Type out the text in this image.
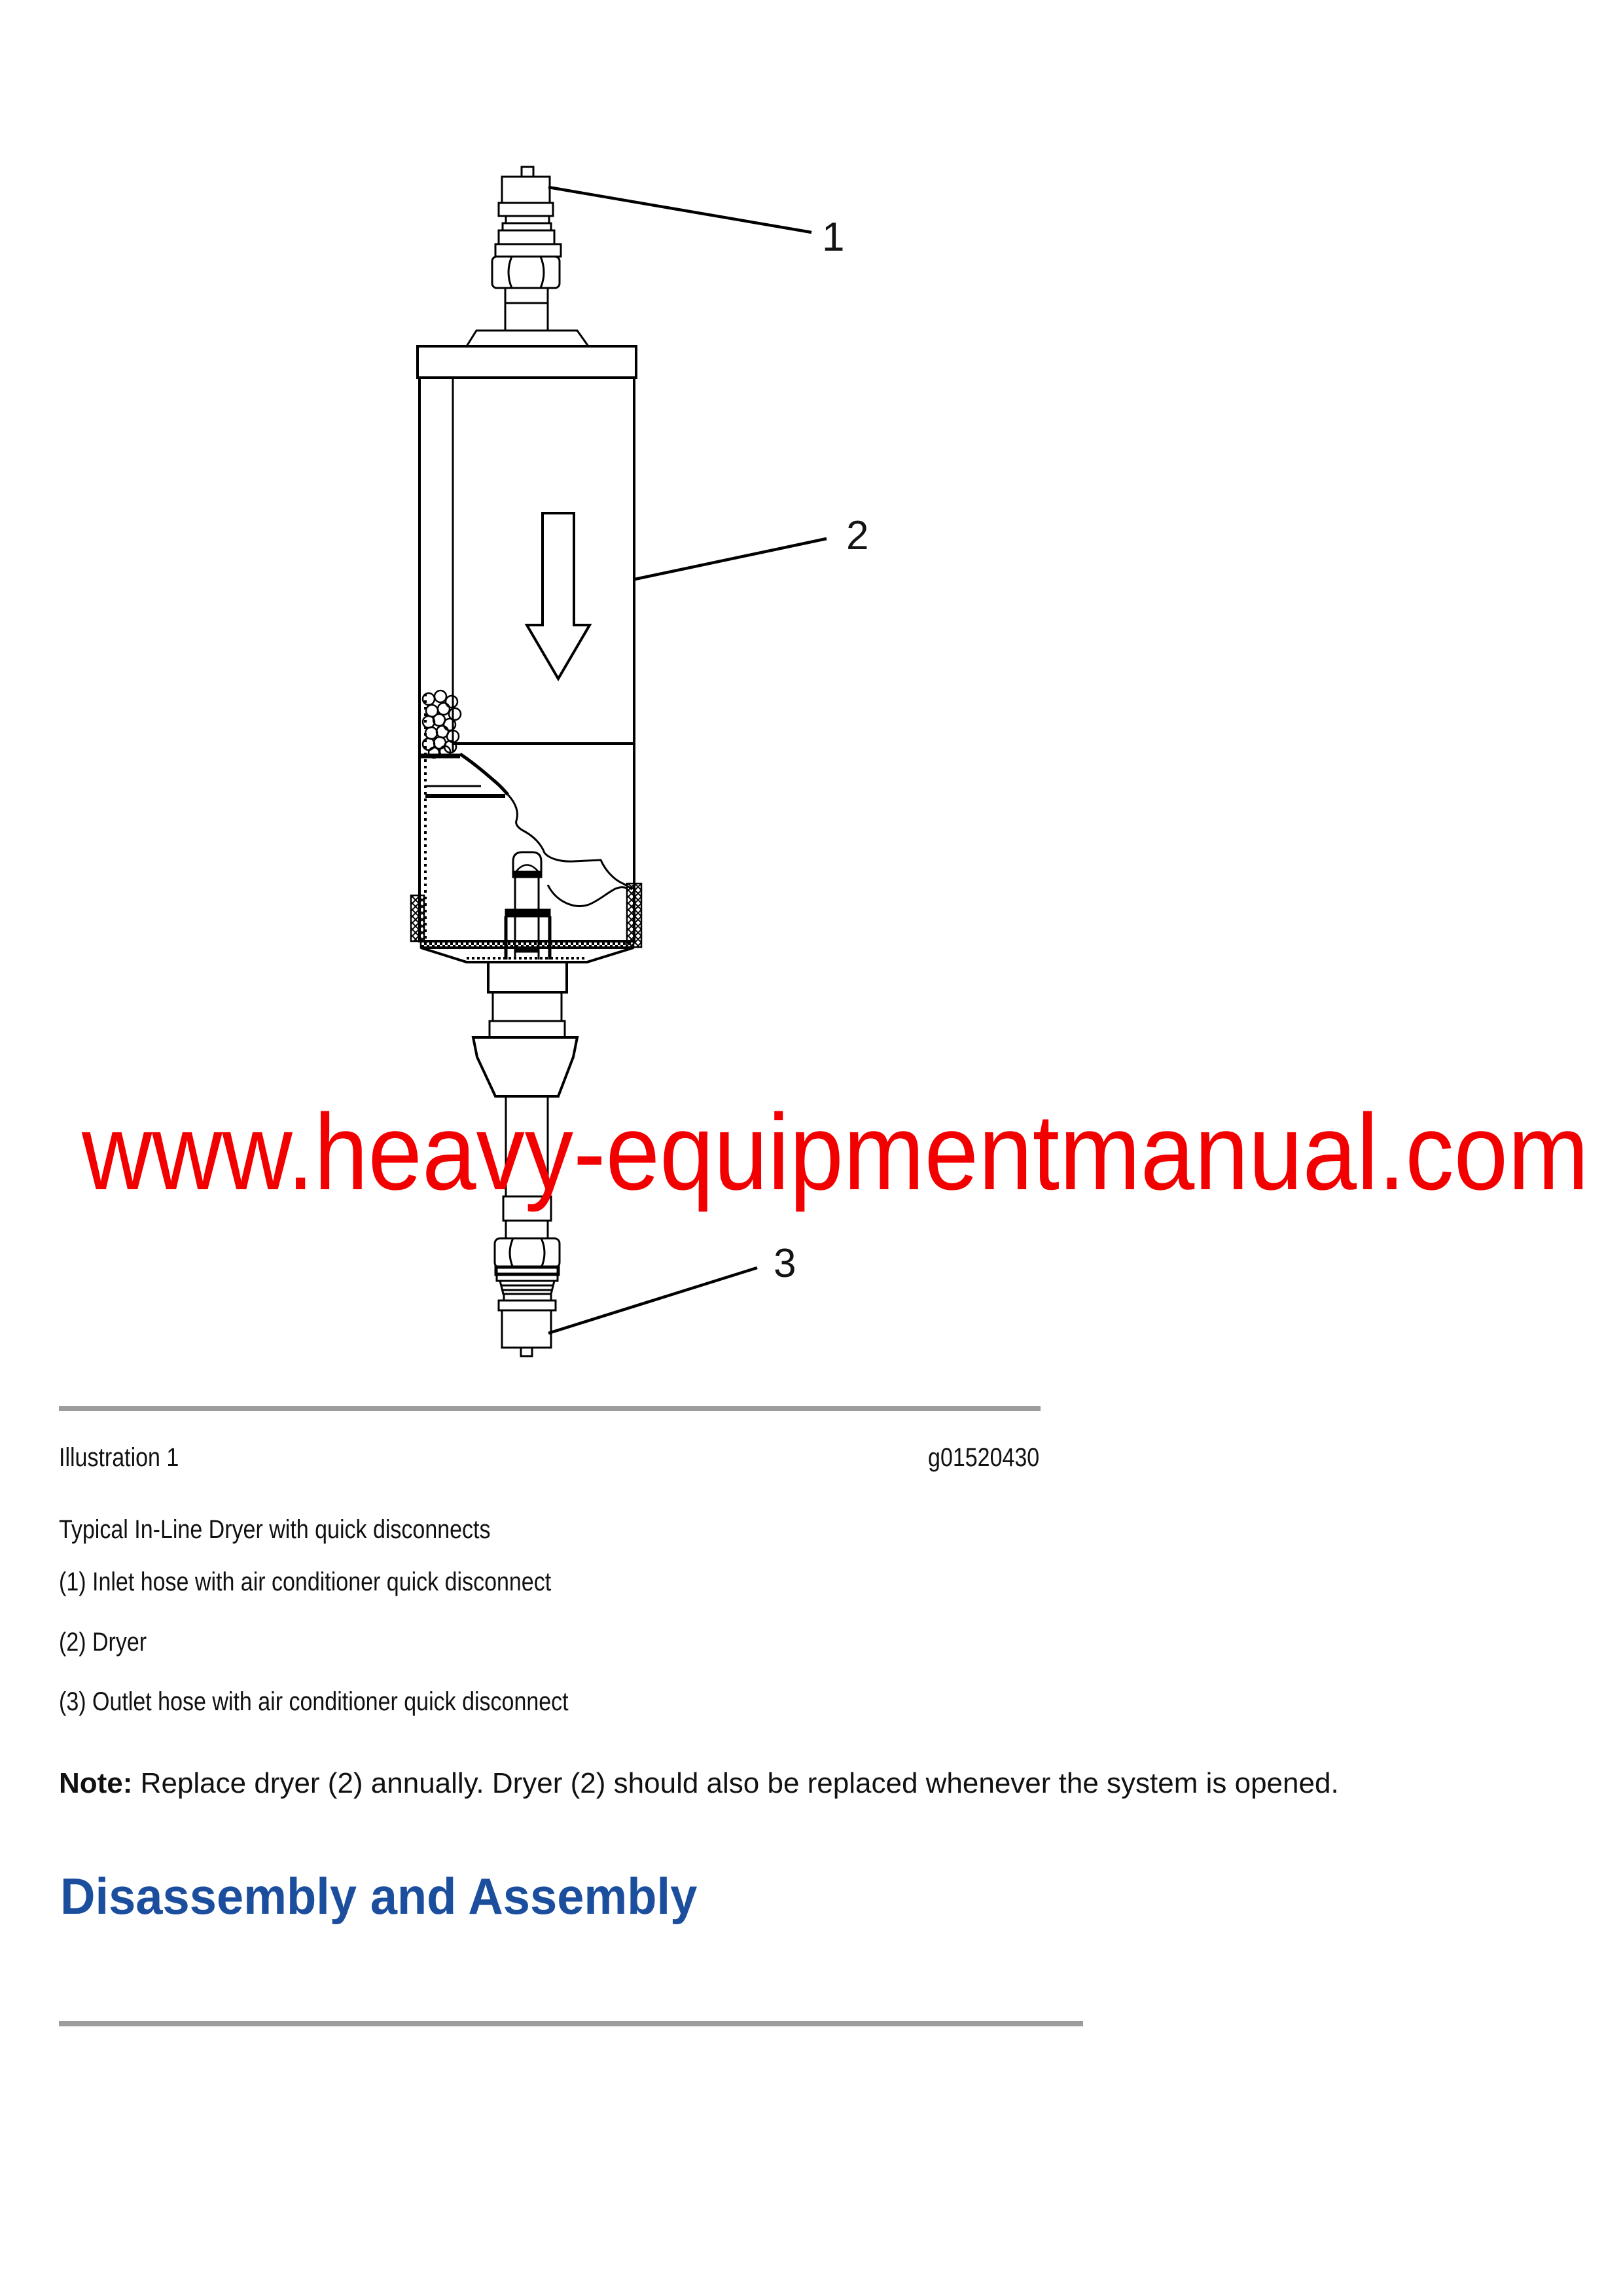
1
2
3
www.heavy-equipmentmanual.com
Illustration 1	g01520430
Typical In-Line Dryer with quick disconnects
(1) Inlet hose with air conditioner quick disconnect
(2) Dryer
(3) Outlet hose with air conditioner quick disconnect
Note: Replace dryer (2) annually. Dryer (2) should also be replaced whenever the system is opened.
Disassembly and Assembly
